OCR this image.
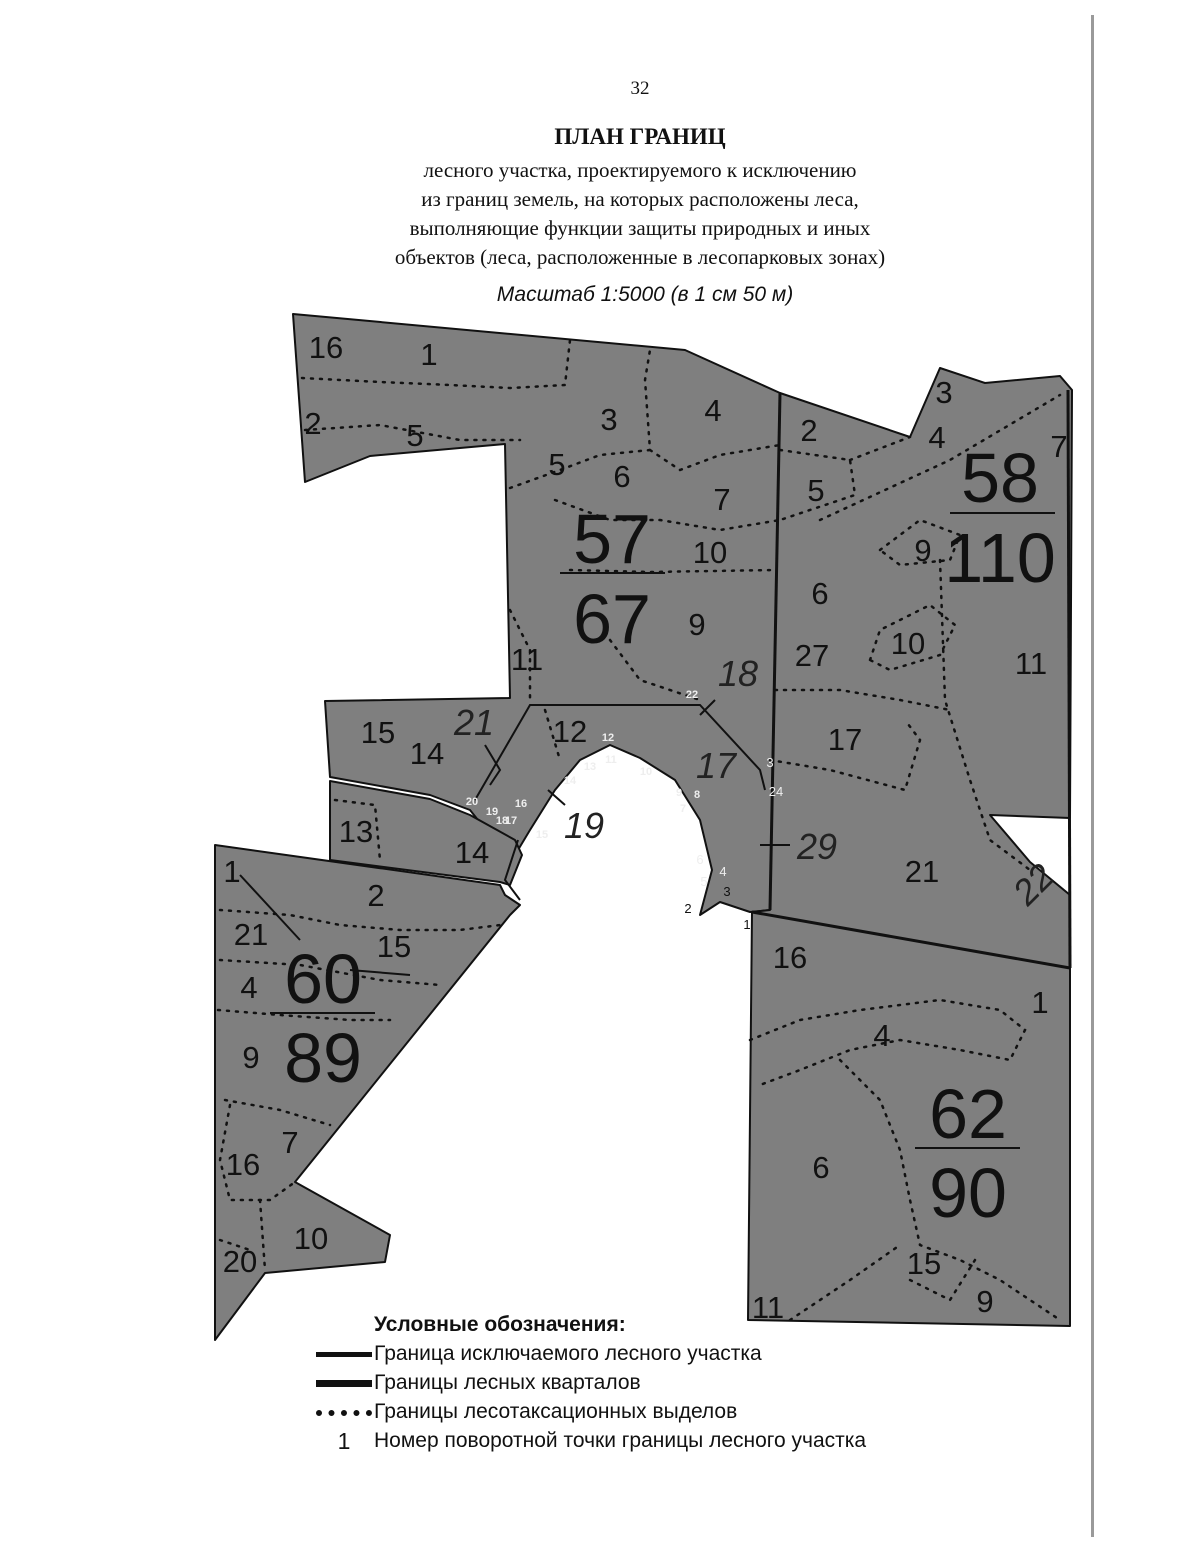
32
ПЛАН ГРАНИЦ
лесного участка, проектируемого к исключению
из границ земель, на которых расположены леса,
выполняющие функции защиты природных и иных
объектов (леса, расположенные в лесопарковых зонах)
Масштаб 1:5000 (в 1 см 50 м)
57
67
58
110
60
89
62
90
16 1
2	5	3	4
5 6
7
10
9
11
15
14
12
13
14
2
3
4	7
5
9
6
10
27	11
17
21
16
1
4
6
15
9
11
1
2
21	15
4
9
7
16
10
20
18
21
17
19
29
22
22
20
19
18
17
16
15
14
13
12
11
10
9 8
7
6
5
4
24
3
2
1
3
Условные обозначения:
Граница исключаемого лесного участка
Границы лесных кварталов
Границы лесотаксационных выделов
1	Номер поворотной точки границы лесного участка
